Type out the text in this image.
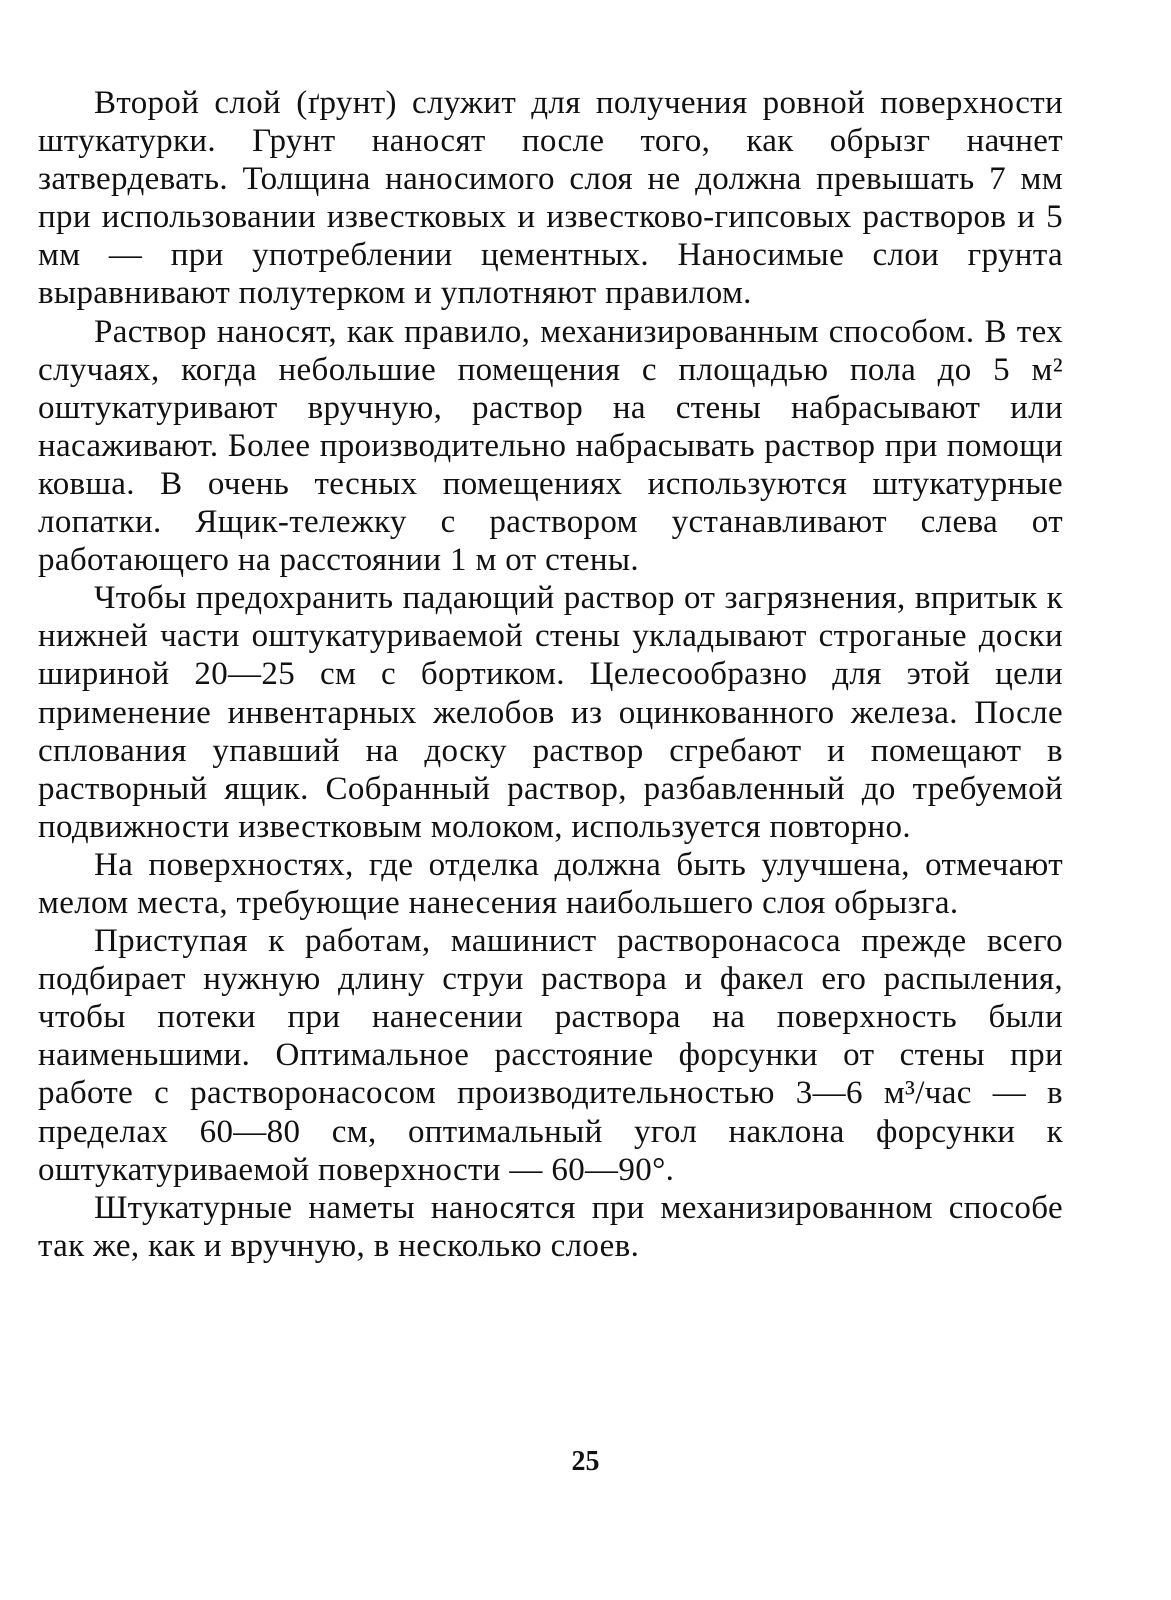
Второй слой (ґрунт) служит для получения ровной поверхности штукатурки. Грунт наносят после того, как обрызг начнет затвердевать. Толщина наносимого слоя не должна превышать 7 мм при использовании известковых и известково-гипсовых растворов и 5 мм — при употреблении цементных. Наносимые слои грунта выравнивают полутерком и уплотняют правилом.

Раствор наносят, как правило, механизированным способом. В тех случаях, когда небольшие помещения с площадью пола до 5 м² оштукатуривают вручную, раствор на стены набрасывают или насаживают. Более производительно набрасывать раствор при помощи ковша. В очень тесных помещениях используются штукатурные лопатки. Ящик-тележку с раствором устанавливают слева от работающего на расстоянии 1 м от стены.

Чтобы предохранить падающий раствор от загрязнения, впритык к нижней части оштукатуриваемой стены укладывают строганые доски шириной 20—25 см с бортиком. Целесообразно для этой цели применение инвентарных желобов из оцинкованного железа. После сплования упавший на доску раствор сгребают и помещают в растворный ящик. Собранный раствор, разбавленный до требуемой подвижности известковым молоком, используется повторно.

На поверхностях, где отделка должна быть улучшена, отмечают мелом места, требующие нанесения наибольшего слоя обрызга.

Приступая к работам, машинист растворонасоса прежде всего подбирает нужную длину струи раствора и факел его распыления, чтобы потеки при нанесении раствора на поверхность были наименьшими. Оптимальное расстояние форсунки от стены при работе с растворонасосом производительностью 3—6 м³/час — в пределах 60—80 см, оптимальный угол наклона форсунки к оштукатуриваемой поверхности — 60—90°.

Штукатурные наметы наносятся при механизированном способе так же, как и вручную, в несколько слоев.

25
